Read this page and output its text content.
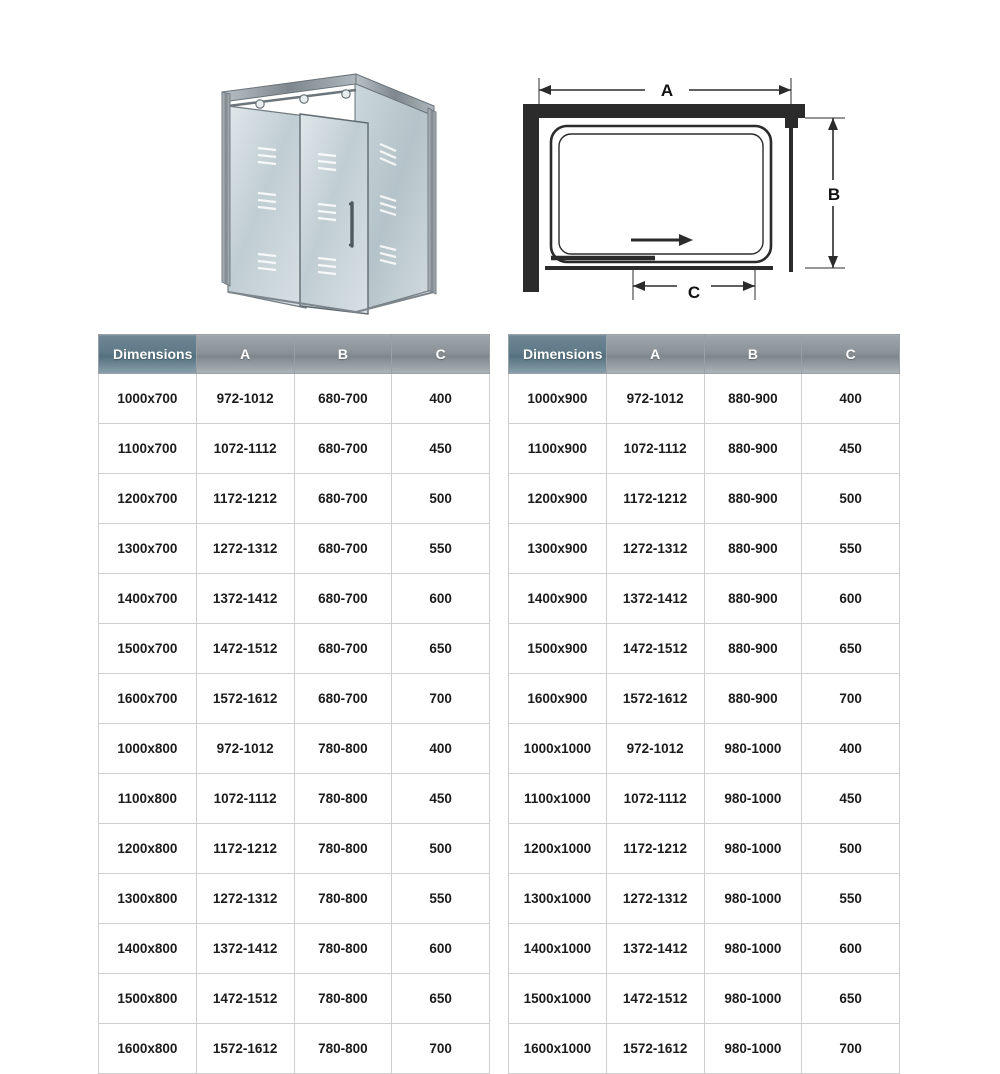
A
B
C
Dimensions	A	B	C
1000x700	972-1012	680-700	400
1100x700	1072-1112	680-700	450
1200x700	1172-1212	680-700	500
1300x700	1272-1312	680-700	550
1400x700	1372-1412	680-700	600
1500x700	1472-1512	680-700	650
1600x700	1572-1612	680-700	700
1000x800	972-1012	780-800	400
1100x800	1072-1112	780-800	450
1200x800	1172-1212	780-800	500
1300x800	1272-1312	780-800	550
1400x800	1372-1412	780-800	600
1500x800	1472-1512	780-800	650
1600x800	1572-1612	780-800	700
Dimensions	A	B	C
1000x900	972-1012	880-900	400
1100x900	1072-1112	880-900	450
1200x900	1172-1212	880-900	500
1300x900	1272-1312	880-900	550
1400x900	1372-1412	880-900	600
1500x900	1472-1512	880-900	650
1600x900	1572-1612	880-900	700
1000x1000	972-1012	980-1000	400
1100x1000	1072-1112	980-1000	450
1200x1000	1172-1212	980-1000	500
1300x1000	1272-1312	980-1000	550
1400x1000	1372-1412	980-1000	600
1500x1000	1472-1512	980-1000	650
1600x1000	1572-1612	980-1000	700
